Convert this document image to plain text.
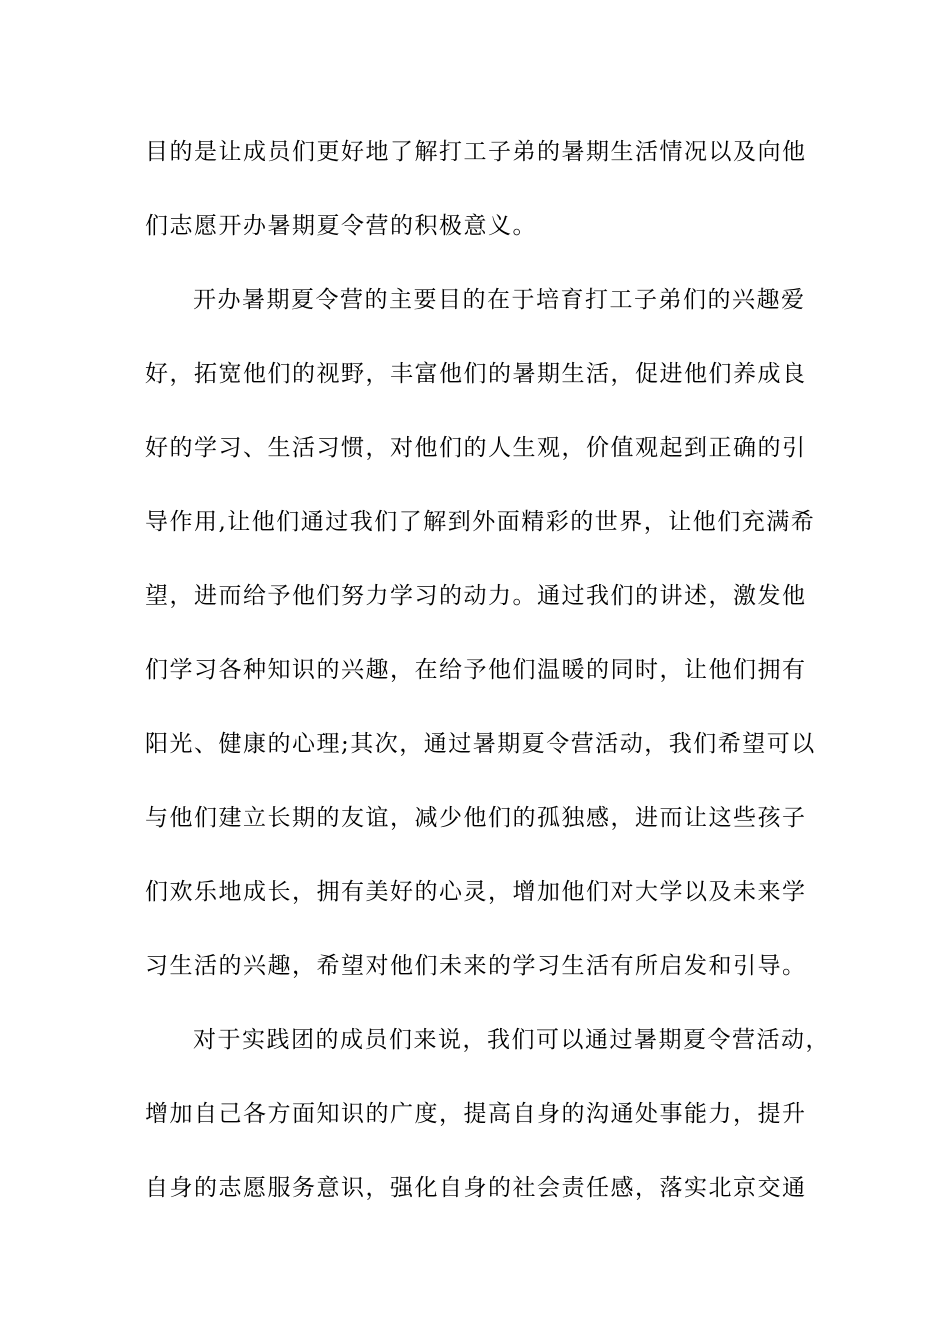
目的是让成员们更好地了解打工子弟的暑期生活情况以及向他
们志愿开办暑期夏令营的积极意义。
开办暑期夏令营的主要目的在于培育打工子弟们的兴趣爱
好，拓宽他们的视野，丰富他们的暑期生活，促进他们养成良
好的学习、生活习惯，对他们的人生观，价值观起到正确的引
导作用,让他们通过我们了解到外面精彩的世界，让他们充满希
望，进而给予他们努力学习的动力。通过我们的讲述，激发他
们学习各种知识的兴趣，在给予他们温暖的同时，让他们拥有
阳光、健康的心理;其次，通过暑期夏令营活动，我们希望可以
与他们建立长期的友谊，减少他们的孤独感，进而让这些孩子
们欢乐地成长，拥有美好的心灵，增加他们对大学以及未来学
习生活的兴趣，希望对他们未来的学习生活有所启发和引导。
对于实践团的成员们来说，我们可以通过暑期夏令营活动，
增加自己各方面知识的广度，提高自身的沟通处事能力，提升
自身的志愿服务意识，强化自身的社会责任感，落实北京交通
